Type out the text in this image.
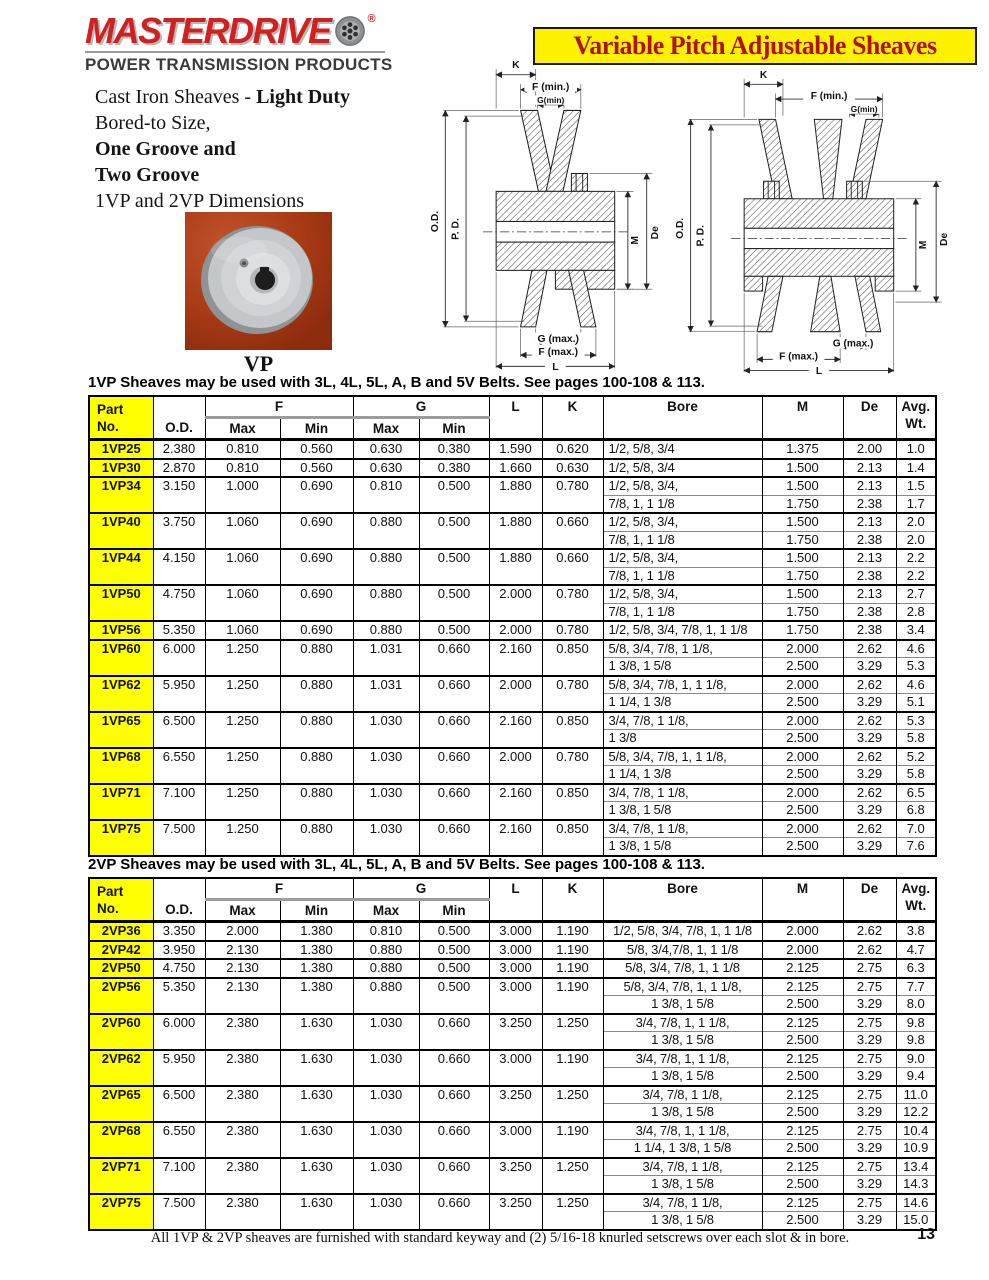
MASTERDRIVE	®
POWER TRANSMISSION PRODUCTS
Variable Pitch Adjustable Sheaves
Cast Iron Sheaves - Light Duty
Bored-to Size,
One Groove and
Two Groove
1VP and 2VP Dimensions
VP
K
F (min.)
G(min)
O.D. P. D.
M
De
G (max.)
F (max.)
L
K
F (min.)
G(min)
O.D. P. D.	M De
G (max.)
F (max.)
L
1VP Sheaves may be used with 3L, 4L, 5L, A, B and 5V Belts. See pages 100-108 & 113.
Part
No.	O.D.	F	G	L	K	Bore	M	De	Avg.
Wt.

		Max	Min	Max	Min						
1VP25	2.380	0.810	0.560	0.630	0.380	1.590	0.620	1/2, 5/8, 3/4	1.375	2.00	1.0
1VP30	2.870	0.810	0.560	0.630	0.380	1.660	0.630	1/2, 5/8, 3/4	1.500	2.13	1.4
1VP34	3.150	1.000	0.690	0.810	0.500	1.880	0.780	1/2, 5/8, 3/4,	1.500	2.13	1.5
								7/8, 1, 1 1/8	1.750	2.38	1.7
1VP40	3.750	1.060	0.690	0.880	0.500	1.880	0.660	1/2, 5/8, 3/4,	1.500	2.13	2.0
								7/8, 1, 1 1/8	1.750	2.38	2.0
1VP44	4.150	1.060	0.690	0.880	0.500	1.880	0.660	1/2, 5/8, 3/4,	1.500	2.13	2.2
								7/8, 1, 1 1/8	1.750	2.38	2.2
1VP50	4.750	1.060	0.690	0.880	0.500	2.000	0.780	1/2, 5/8, 3/4,	1.500	2.13	2.7
								7/8, 1, 1 1/8	1.750	2.38	2.8
1VP56	5.350	1.060	0.690	0.880	0.500	2.000	0.780	1/2, 5/8, 3/4, 7/8, 1, 1 1/8	1.750	2.38	3.4
1VP60	6.000	1.250	0.880	1.031	0.660	2.160	0.850	5/8, 3/4, 7/8, 1 1/8,	2.000	2.62	4.6
								1 3/8, 1 5/8	2.500	3.29	5.3
1VP62	5.950	1.250	0.880	1.031	0.660	2.000	0.780	5/8, 3/4, 7/8, 1, 1 1/8,	2.000	2.62	4.6
								1 1/4, 1 3/8	2.500	3.29	5.1
1VP65	6.500	1.250	0.880	1.030	0.660	2.160	0.850	3/4, 7/8, 1 1/8,	2.000	2.62	5.3
								1 3/8	2.500	3.29	5.8
1VP68	6.550	1.250	0.880	1.030	0.660	2.000	0.780	5/8, 3/4, 7/8, 1, 1 1/8,	2.000	2.62	5.2
								1 1/4, 1 3/8	2.500	3.29	5.8
1VP71	7.100	1.250	0.880	1.030	0.660	2.160	0.850	3/4, 7/8, 1 1/8,	2.000	2.62	6.5
								1 3/8, 1 5/8	2.500	3.29	6.8
1VP75	7.500	1.250	0.880	1.030	0.660	2.160	0.850	3/4, 7/8, 1 1/8,	2.000	2.62	7.0
								1 3/8, 1 5/8	2.500	3.29	7.6
2VP Sheaves may be used with 3L, 4L, 5L, A, B and 5V Belts. See pages 100-108 & 113.
Part
No.	O.D.	F	G	L	K	Bore	M	De	Avg.
Wt.

		Max	Min	Max	Min						
2VP36	3.350	2.000	1.380	0.810	0.500	3.000	1.190	1/2, 5/8, 3/4, 7/8, 1, 1 1/8	2.000	2.62	3.8
2VP42	3.950	2.130	1.380	0.880	0.500	3.000	1.190	5/8, 3/4,7/8, 1, 1 1/8	2.000	2.62	4.7
2VP50	4.750	2.130	1.380	0.880	0.500	3.000	1.190	5/8, 3/4, 7/8, 1, 1 1/8	2.125	2.75	6.3
2VP56	5.350	2.130	1.380	0.880	0.500	3.000	1.190	5/8, 3/4, 7/8, 1, 1 1/8,	2.125	2.75	7.7
								1 3/8, 1 5/8	2.500	3.29	8.0
2VP60	6.000	2.380	1.630	1.030	0.660	3.250	1.250	3/4, 7/8, 1, 1 1/8,	2.125	2.75	9.8
								1 3/8, 1 5/8	2.500	3.29	9.8
2VP62	5.950	2.380	1.630	1.030	0.660	3.000	1.190	3/4, 7/8, 1, 1 1/8,	2.125	2.75	9.0
								1 3/8, 1 5/8	2.500	3.29	9.4
2VP65	6.500	2.380	1.630	1.030	0.660	3.250	1.250	3/4, 7/8, 1 1/8,	2.125	2.75	11.0
								1 3/8, 1 5/8	2.500	3.29	12.2
2VP68	6.550	2.380	1.630	1.030	0.660	3.000	1.190	3/4, 7/8, 1, 1 1/8,	2.125	2.75	10.4
								1 1/4, 1 3/8, 1 5/8	2.500	3.29	10.9
2VP71	7.100	2.380	1.630	1.030	0.660	3.250	1.250	3/4, 7/8, 1 1/8,	2.125	2.75	13.4
								1 3/8, 1 5/8	2.500	3.29	14.3
2VP75	7.500	2.380	1.630	1.030	0.660	3.250	1.250	3/4, 7/8, 1 1/8,	2.125	2.75	14.6
								1 3/8, 1 5/8	2.500	3.29	15.0
All 1VP & 2VP sheaves are furnished with standard keyway and (2) 5/16-18 knurled setscrews over each slot & in bore.	13
